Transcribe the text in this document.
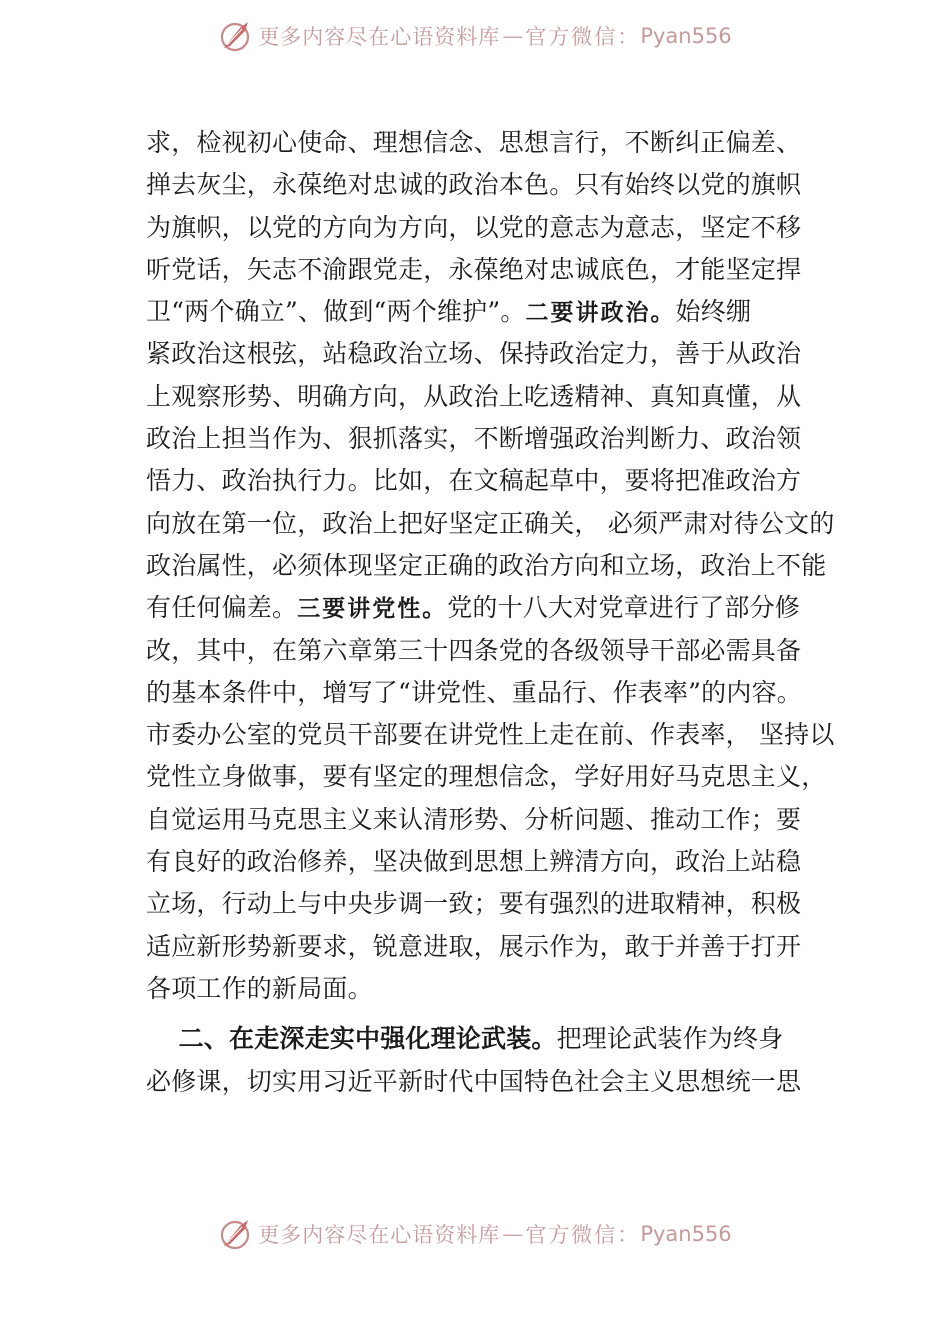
更多内容尽在心语资料库 — 官方微信： Pyan556
求，检视初心使命、理想信念、思想言行，不断纠正偏差、
掸去灰尘，永葆绝对忠诚的政治本色。只有始终以党的旗帜
为旗帜，以党的方向为方向，以党的意志为意志，坚定不移
听党话，矢志不渝跟党走，永葆绝对忠诚底色，才能坚定捍
卫“两个确立”、做到“两个维护”。二要讲政治。始终绷
紧政治这根弦，站稳政治立场、保持政治定力，善于从政治
上观察形势、明确方向，从政治上吃透精神、真知真懂，从
政治上担当作为、狠抓落实，不断增强政治判断力、政治领
悟力、政治执行力。比如，在文稿起草中，要将把准政治方
向放在第一位，政治上把好坚定正确关， 必须严肃对待公文的
政治属性，必须体现坚定正确的政治方向和立场，政治上不能
有任何偏差。三要讲党性。党的十八大对党章进行了部分修
改，其中，在第六章第三十四条党的各级领导干部必需具备
的基本条件中，增写了“讲党性、重品行、作表率”的内容。
市委办公室的党员干部要在讲党性上走在前、作表率， 坚持以
党性立身做事，要有坚定的理想信念，学好用好马克思主义，
自觉运用马克思主义来认清形势、分析问题、推动工作；要
有良好的政治修养，坚决做到思想上辨清方向，政治上站稳
立场，行动上与中央步调一致；要有强烈的进取精神，积极
适应新形势新要求，锐意进取，展示作为，敢于并善于打开
各项工作的新局面。
二、在走深走实中强化理论武装。把理论武装作为终身
必修课，切实用习近平新时代中国特色社会主义思想统一思
更多内容尽在心语资料库 — 官方微信： Pyan556
